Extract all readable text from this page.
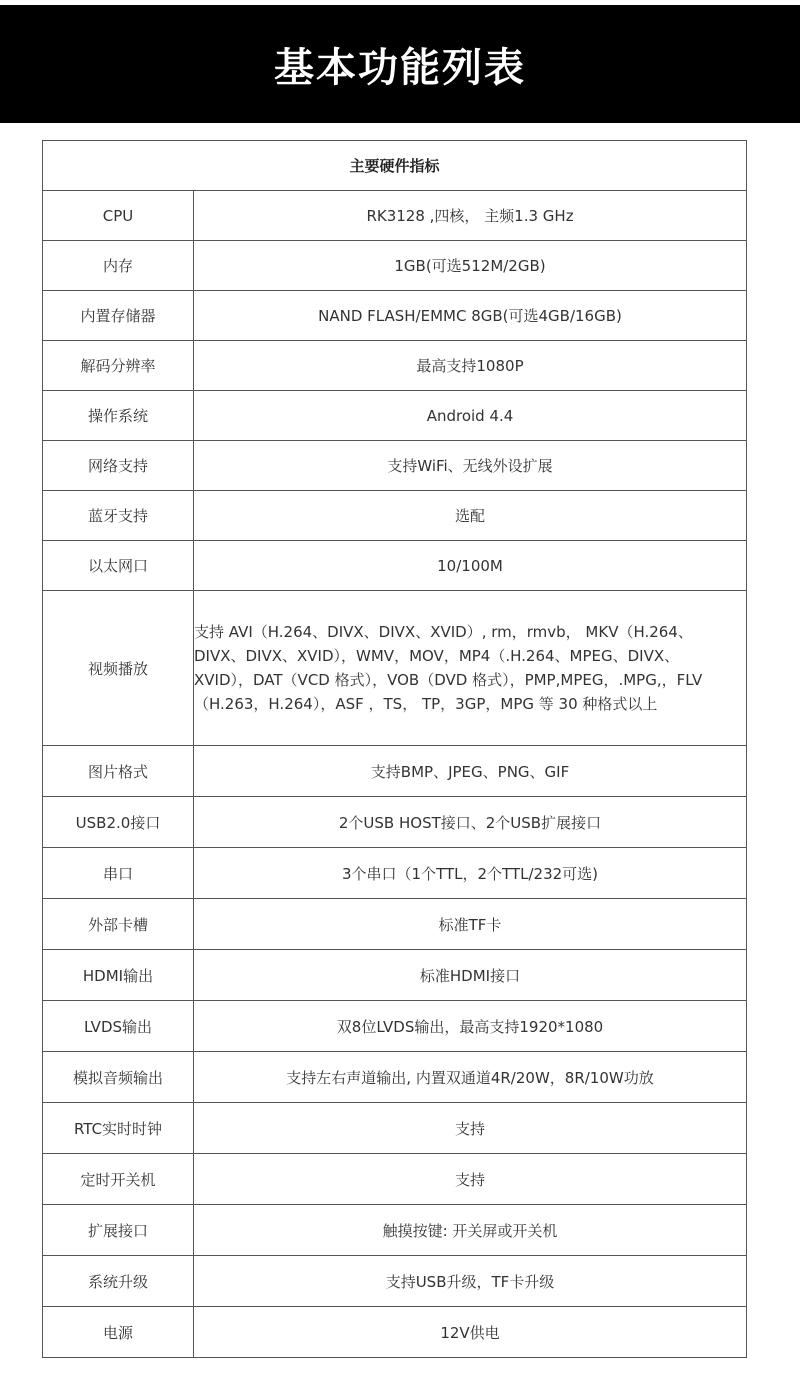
基本功能列表
主要硬件指标	
CPU	RK3128 ,四核， 主频1.3 GHz
内存	1GB(可选512M/2GB)
内置存储器	NAND FLASH/EMMC 8GB(可选4GB/16GB)
解码分辨率	最高支持1080P
操作系统	Android 4.4
网络支持	支持WiFi、无线外设扩展
蓝牙支持	选配
以太网口	10/100M
视频播放	支持 AVI（H.264、DIVX、DIVX、XVID）, rm，rmvb， MKV（H.264、DIVX、DIVX、XVID），WMV，MOV，MP4（.H.264、MPEG、DIVX、XVID），DAT（VCD 格式），VOB（DVD 格式），PMP,MPEG，.MPG,，FLV（H.263，H.264），ASF ，TS， TP，3GP，MPG 等 30 种格式以上
图片格式	支持BMP、JPEG、PNG、GIF
USB2.0接口	2个USB HOST接口、2个USB扩展接口
串口	3个串口（1个TTL，2个TTL/232可选)
外部卡槽	标准TF卡
HDMI输出	标准HDMI接口
LVDS输出	双8位LVDS输出，最高支持1920*1080
模拟音频输出	支持左右声道输出, 内置双通道4R/20W，8R/10W功放
RTC实时时钟	支持
定时开关机	支持
扩展接口	触摸按键: 开关屏或开关机
系统升级	支持USB升级，TF卡升级
电源	12V供电
